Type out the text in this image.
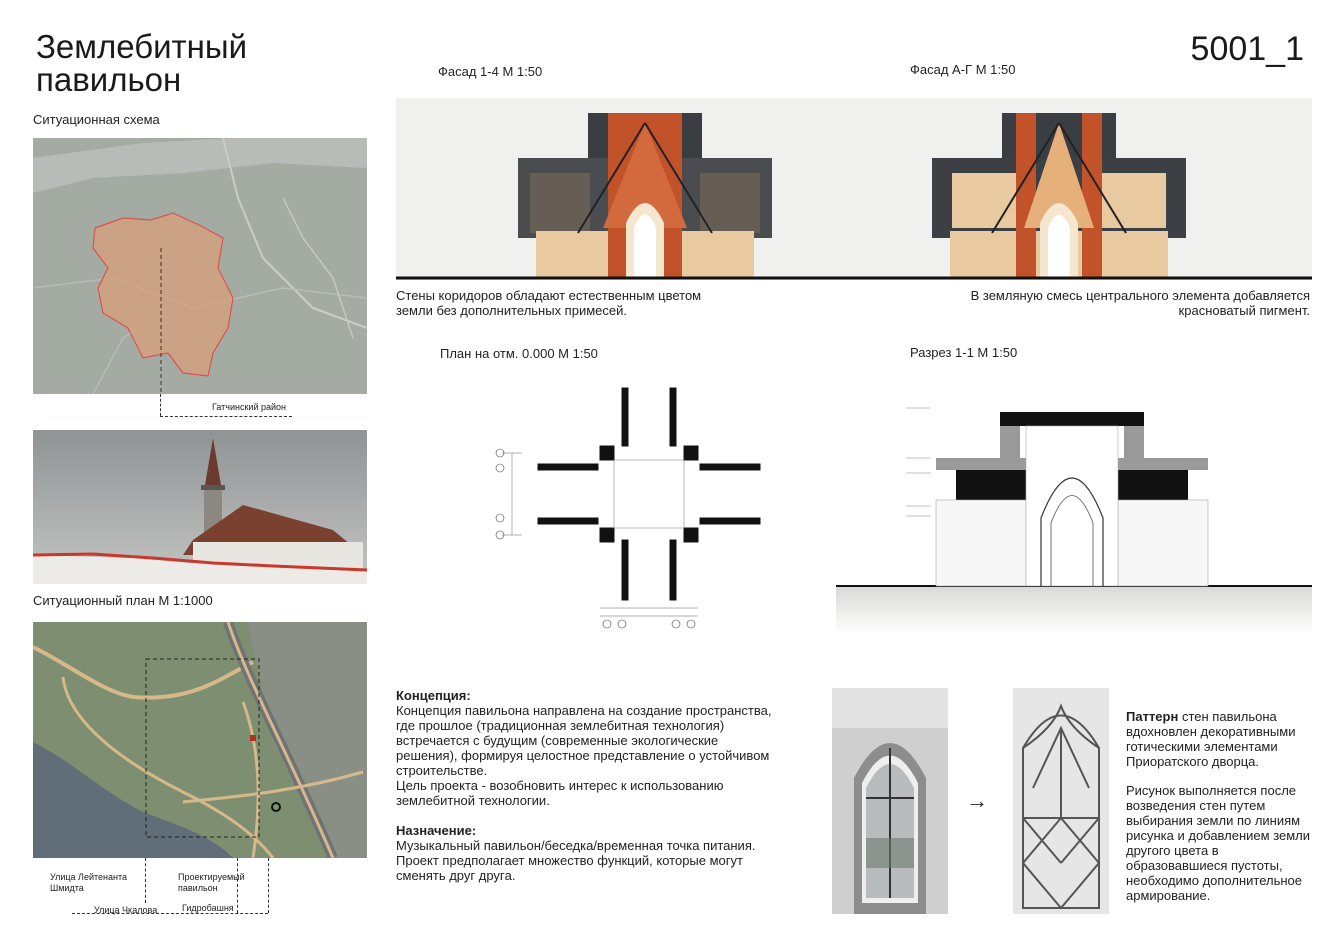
Землебитный павильон
5001_1
Ситуационная схема
Гатчинский район
Ситуационный план М 1:1000
Улица Лейтенанта Шмидта
Проектируемый павильон
Улица Чкалова	Гидробашня
Фасад 1-4 М 1:50	Фасад А-Г М 1:50
Стены коридоров обладают естественным цветом земли без дополнительных примесей.
В земляную смесь центрального элемента добавляется красноватый пигмент.
План на отм. 0.000 М 1:50	Разрез 1-1 М 1:50
Концепция:
Концепция павильона направлена на создание пространства, где прошлое (традиционная землебитная технология) встречается с будущим (современные экологические решения), формируя целостное представление о устойчивом строительстве.
Цель проекта - возобновить интерес к использованию землебитной технологии.
Назначение:
Музыкальный павильон/беседка/временная точка питания. Проект предполагает множество функций, которые могут сменять друг другa.
→
Паттерн стен павильона вдохновлен декоративными готическими элементами Приоратского дворца.
Рисунок выполняется после возведения стен путем выбирания земли по линиям рисунка и добавлением земли другого цвета в образовавшиеся пустоты, необходимо дополнительное армирование.
